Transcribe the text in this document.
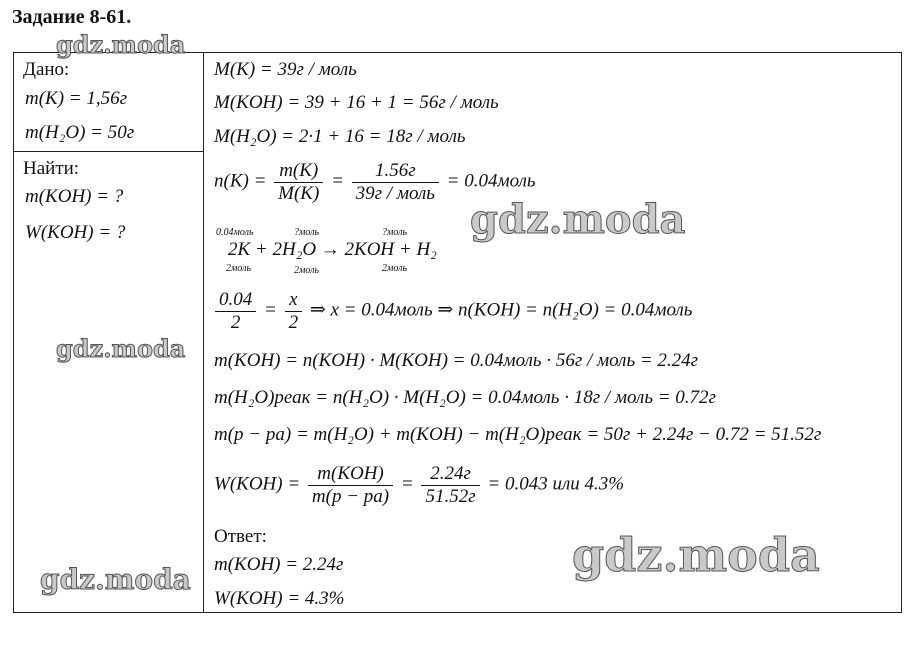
Задание 8-61.
Дано:
m(K) = 1,56г
m(H₂O) = 50г
Найти:
m(KOH) = ?
W(KOH) = ?
M(K) = 39г / моль
M(KOH) = 39 + 16 + 1 = 56г / моль
M(H₂O) = 2·1 + 16 = 18г / моль
$n(K) = \frac{m(K)}{M(K)} = \frac{1.56г}{\text{39г / моль}}$ = 0.04моль
0.04моль	?моль	?моль
2K + 2H₂O → 2KOH + H₂
2моль	2моль	2моль
$\frac{0.04}{2} = \frac{x}{2}$ ⇒ x = 0.04моль ⇒ n(KOH) = n(H₂O) = 0.04моль
m(KOH) = n(KOH) · M(KOH) = 0.04моль · 56г / моль = 2.24г
m(H₂O)реак = n(H₂O) · M(H₂O) = 0.04моль · 18г / моль = 0.72г
m(p − pa) = m(H₂O) + m(KOH) − m(H₂O)реак = 50г + 2.24г − 0.72 = 51.52г
$W(KOH) = \frac{\text{m(KOH)}}{m(p - pa)} = \frac{2.24г}{51.52г} = 0.043$ или 4.3%
Ответ:
m(KOH) = 2.24г
W(KOH) = 4.3%
gdz.moda
gdz.moda
gdz.moda
gdz.moda	gdz.moda
